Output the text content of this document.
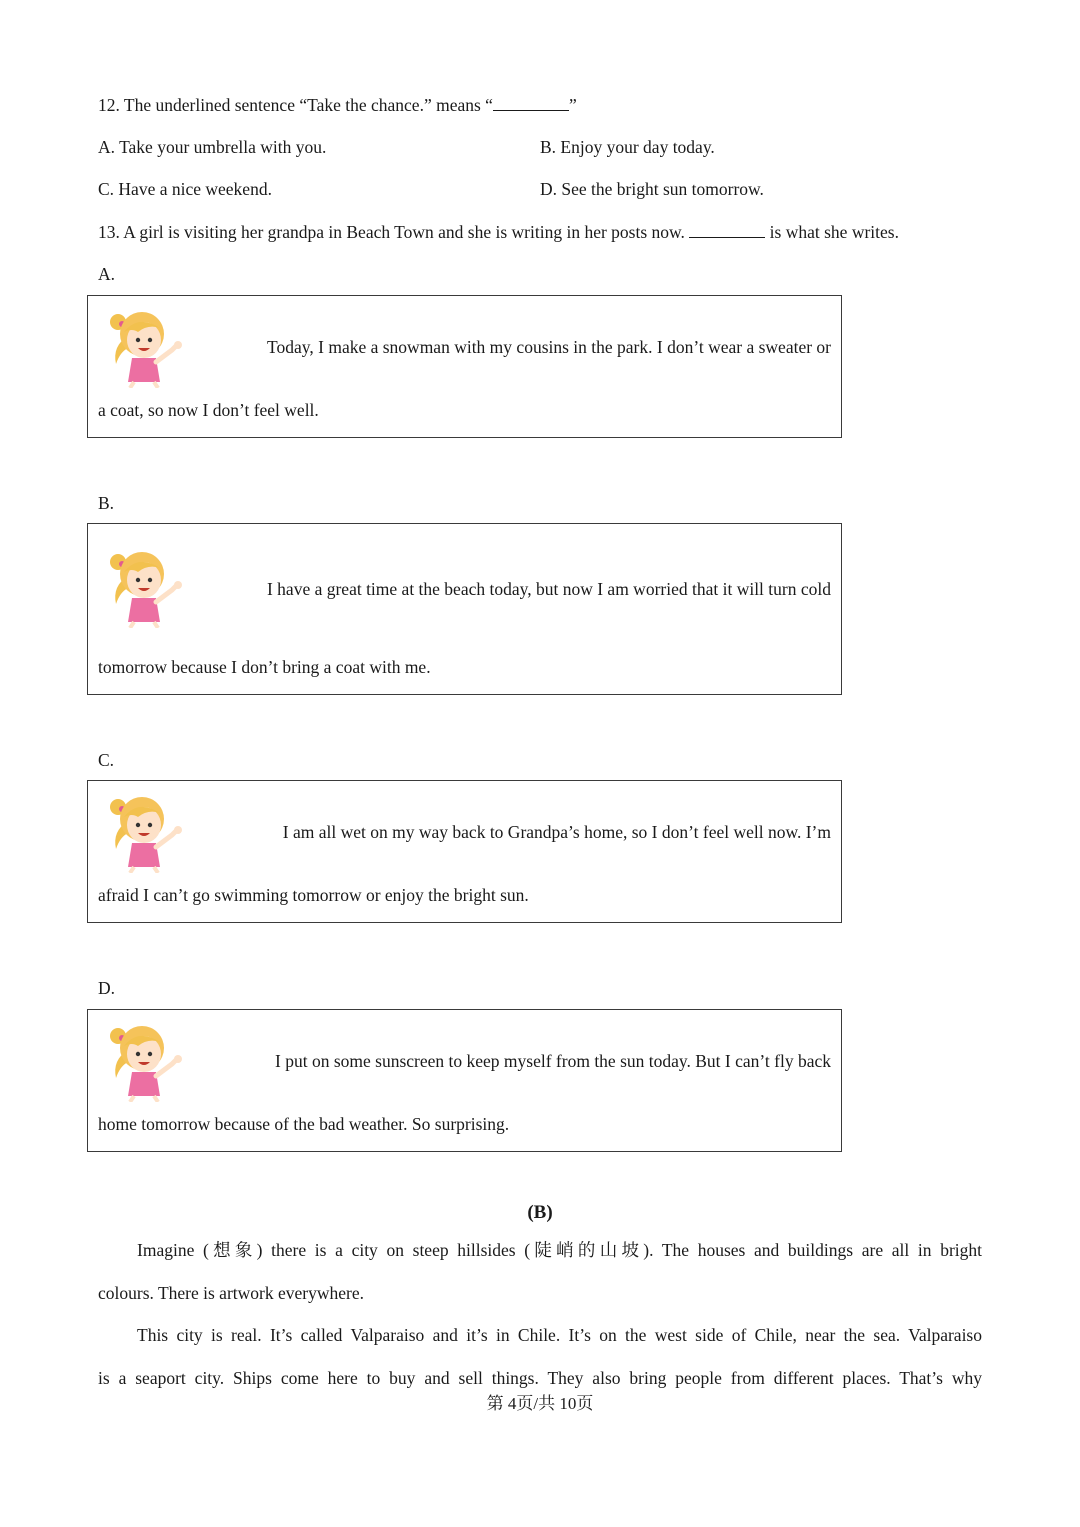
12. The underlined sentence “Take the chance.” means “	”
A. Take your umbrella with you.	B. Enjoy your day today.
C. Have a nice weekend.	D. See the bright sun tomorrow.
13. A girl is visiting her grandpa in Beach Town and she is writing in her posts now.	is what she writes.
A.
Today, I make a snowman with my cousins in the park. I don’t wear a sweater or
a coat, so now I don’t feel well.
B.
I have a great time at the beach today, but now I am worried that it will turn cold
tomorrow because I don’t bring a coat with me.
C.
I am all wet on my way back to Grandpa’s home, so I don’t feel well now. I’m
afraid I can’t go swimming tomorrow or enjoy the bright sun.
D.
I put on some sunscreen to keep myself from the sun today. But I can’t fly back
home tomorrow because of the bad weather. So surprising.
(B)
Imagine (想象) there is a city on steep hillsides (陡峭的山坡). The houses and buildings are all in bright
colours. There is artwork everywhere.
This city is real. It’s called Valparaiso and it’s in Chile. It’s on the west side of Chile, near the sea. Valparaiso
is a seaport city. Ships come here to buy and sell things. They also bring people from different places. That’s why
第 4页/共 10页
